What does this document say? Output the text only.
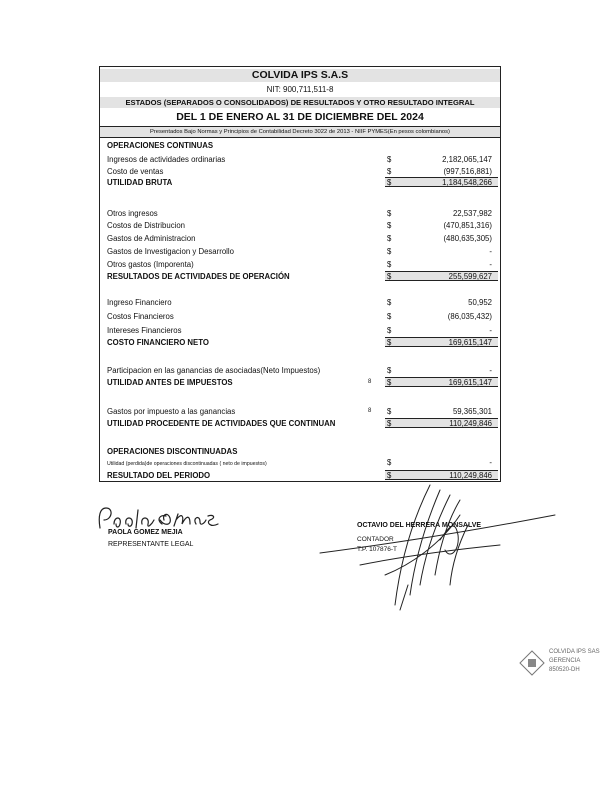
COLVIDA IPS S.A.S
NIT: 900,711,511-8
ESTADOS (SEPARADOS O CONSOLIDADOS) DE RESULTADOS Y OTRO RESULTADO INTEGRAL
DEL 1 DE ENERO AL 31 DE DICIEMBRE DEL 2024
Presentados Bajo Normas y Principios de Contabilidad Decreto 3022 de 2013 - NIIF PYMES(En pesos colombianos)
OPERACIONES CONTINUAS
Ingresos de actividades ordinarias	$	2,182,065,147
Costo de ventas	$	(997,516,881)
UTILIDAD BRUTA	$	1,184,548,266
Otros ingresos	$	22,537,982
Costos de Distribucion	$	(470,851,316)
Gastos de Administracion	$	(480,635,305)
Gastos de Investigacion y Desarrollo	$	-
Otros gastos (Imporenta)	$	-
RESULTADOS DE ACTIVIDADES DE OPERACIÓN	$	255,599,627
Ingreso Financiero	$	50,952
Costos Financieros	$	(86,035,432)
Intereses Financieros	$	-
COSTO FINANCIERO NETO	$	169,615,147
Participacion en las ganancias de asociadas(Neto Impuestos)	$	-
UTILIDAD ANTES DE IMPUESTOS	8 $	169,615,147
Gastos por impuesto a las ganancias	8 $	59,365,301
UTILIDAD PROCEDENTE DE ACTIVIDADES QUE CONTINUAN	$	110,249,846
OPERACIONES DISCONTINUADAS
Utilidad (perdida)de operaciones discontinuadas ( neto de impuestos)	$	-
RESULTADO DEL PERIODO	$	110,249,846
PAOLA GOMEZ MEJIA
REPRESENTANTE LEGAL
OCTAVIO DEL HERRERA MONSALVE
CONTADOR
T.P. 107876-T
COLVIDA IPS SAS
GERENCIA
850520-DH
